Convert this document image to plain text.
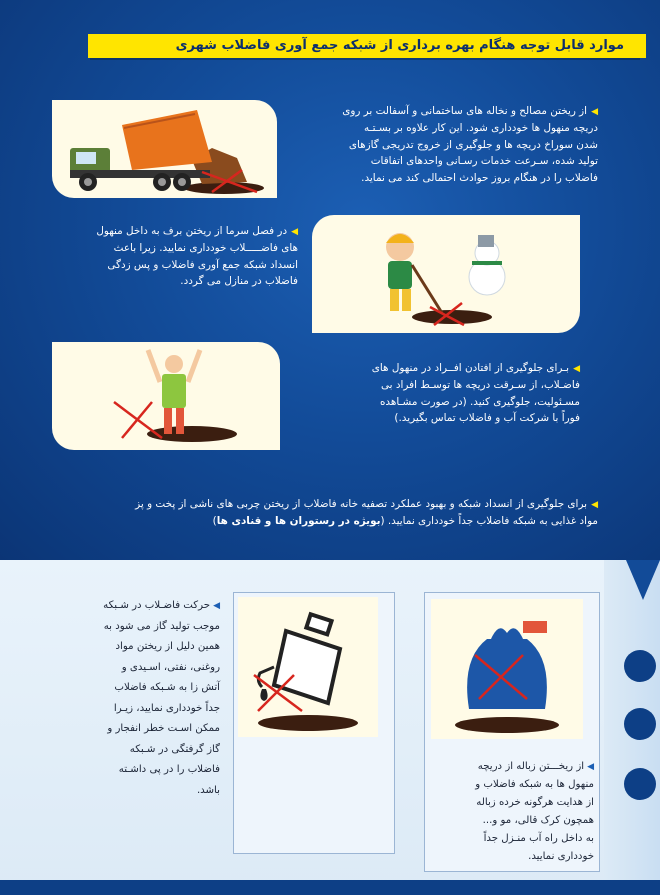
موارد قابل توجه هنگام بهره برداری از شبکه جمع آوری فاضلاب شهری
◀از ریختن مصالح و نخاله های ساختمانی و آسفالت بر روی
دریچه منهول ها خودداری شود. این کار علاوه بر بسـتـه
شدن سوراخ دریچه ها و جلوگیری از خروج تدریجی گازهای
تولید شده، سـرعت خدمات رسـانی واحدهای اتفاقات
فاضلاب را در هنگام بروز حوادث احتمالی کند می نماید.
◀در فصل سرما از ریختن برف به داخل منهول
های فاضـــــلاب خودداری نمایید. زیرا باعث
انسداد شبکه جمع آوری فاضلاب و پس زدگی
فاضلاب در منازل می گردد.
◀بـرای جلوگیری از افتادن افــراد در منهول های
فاضـلاب، از سـرقت دریچه ها توسـط افراد بی
مسـئولیت، جلوگیری کنید. (در صورت مشـاهده
فوراً با شرکت آب و فاضلاب تماس بگیرید.)
◀برای جلوگیری از انسداد شبکه و بهبود عملکرد تصفیه خانه فاضلاب از ریختن چربی های ناشی از پخت و پز
مواد غذایی به شبکه فاضلاب جداً خودداری نمایید. (بویژه در رستوران ها و قنادی ها)
◀حرکت فاضـلاب در شـبکه
موجب تولید گاز می شود به
همین دلیل از ریختن مواد
روغنی، نفتی، اسـیدی و
آتش زا به شـبکه فاضلاب
جداً خودداری نمایید، زیـرا
ممکن اسـت خطر انفجار و
گاز گرفتگی در شـبکه
فاضلاب را در پی داشـته
باشد.
◀از ریخـــتن زباله از دریچه
منهول ها به شبکه فاضلاب و
از هدایت هرگونه خرده زباله
همچون کرک قالی، مو و...
به داخل راه آب منـزل جداً
خودداری نمایید.
